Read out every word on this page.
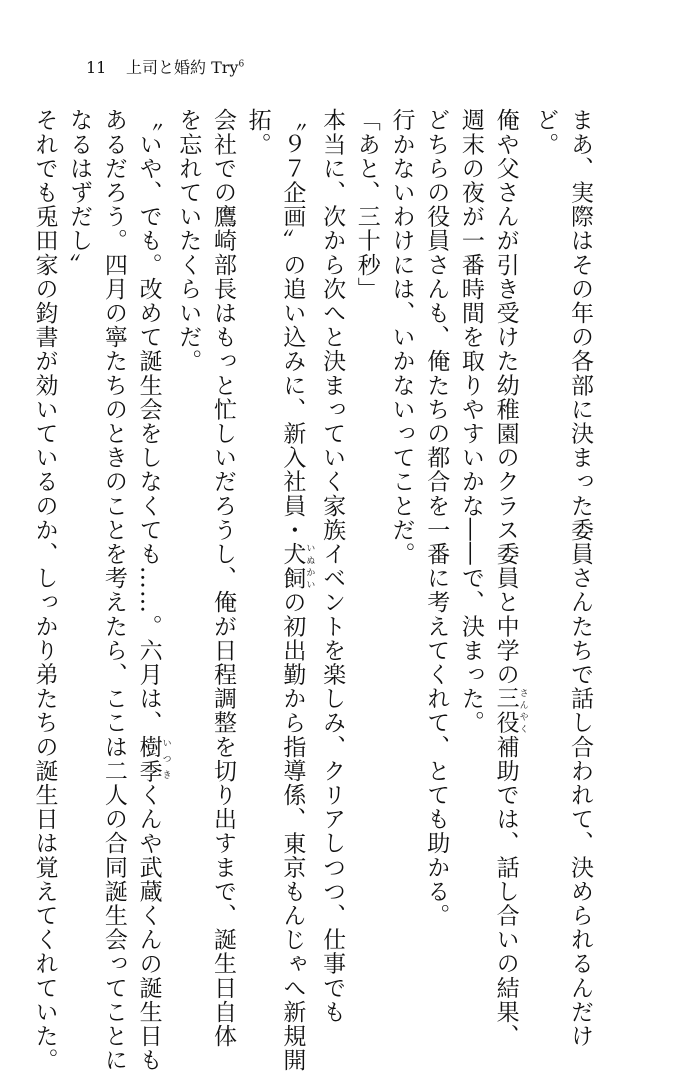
11 上司と婚約 Try$^6$
まあ、実際はその年の各部に決まった委員さんたちで話し合われて、決められるんだけ
ど。
俺や父さんが引き受けた幼稚園のクラス委員と中学の三役 さんやく補助では、話し合いの結果、
週末の夜が一番時間を取りやすいかな――で、決まった。
どちらの役員さんも、俺たちの都合を一番に考えてくれて、とても助かる。
行かないわけには、いかないってことだ。
「あと、三十秒」
本当に、次から次へと決まっていく家族イベントを楽しみ、クリアしつつ、仕事でも
〝９７企画〟の追い込みに、新入社員・犬飼 いぬかいの初出勤から指導係、東京もんじゃへ新規開
拓。
会社での鷹崎部長はもっと忙しいだろうし、俺が日程調整を切り出すまで、誕生日自体
を忘れていたくらいだ。
〝いや、でも。改めて誕生会をしなくても……。六月は、樹季 いつきくんや武蔵くんの誕生日も
あるだろう。四月の寧たちのときのことを考えたら、ここは二人の合同誕生会ってことに
なるはずだし〟
それでも兎田家の鈞書が効いているのか、しっかり弟たちの誕生日は覚えてくれていた。
